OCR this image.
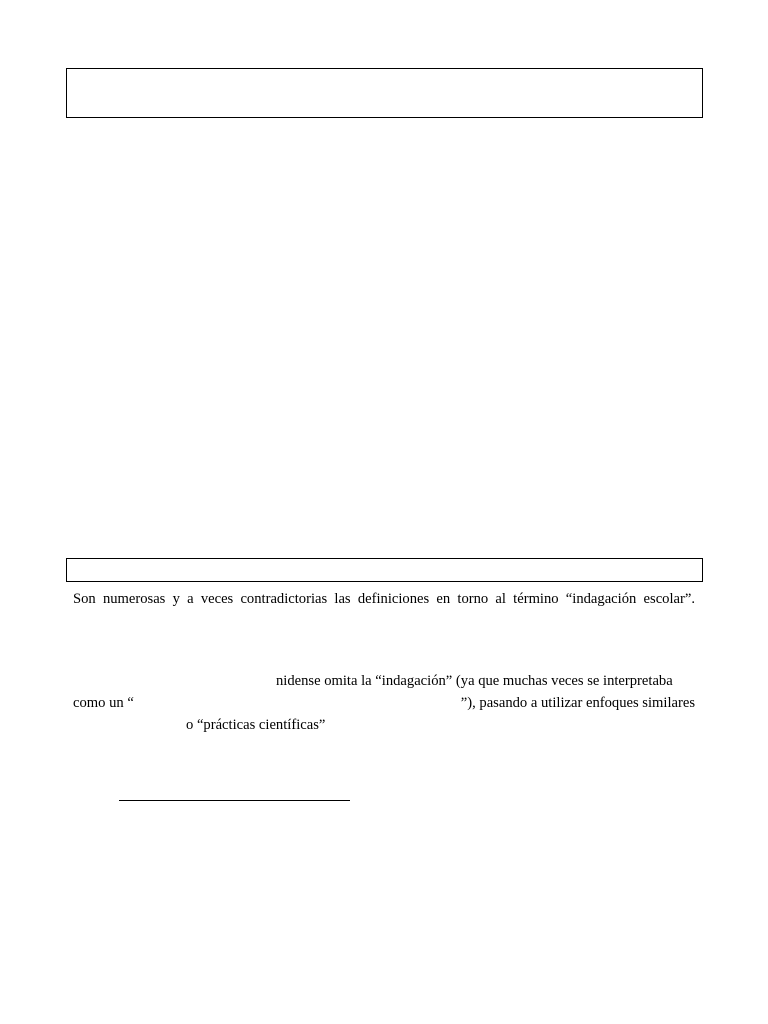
Son numerosas y a veces contradictorias las definiciones en torno al término “indagación escolar”.
nidense omita la “indagación” (ya que muchas veces se interpretaba
como un “	”), pasando a utilizar enfoques similares
o “prácticas científicas”
